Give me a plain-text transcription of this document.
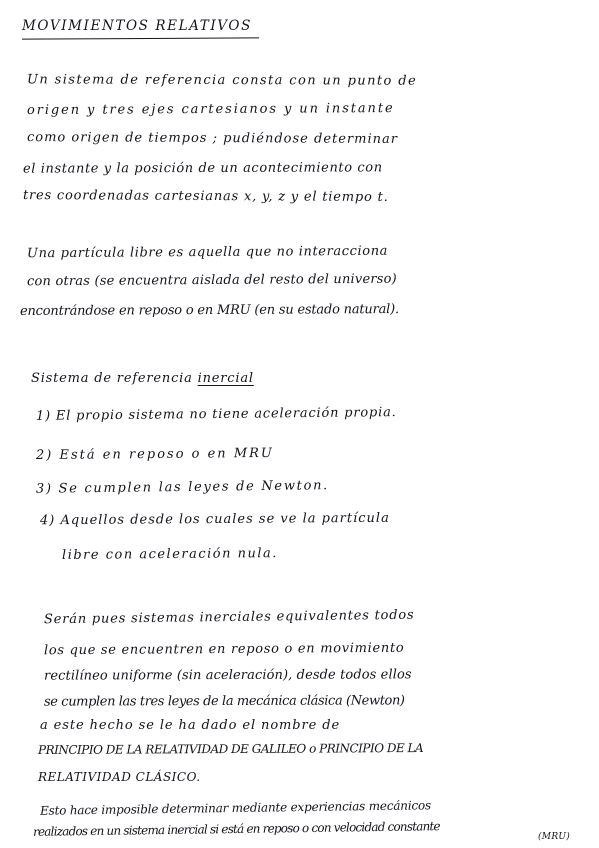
MOVIMIENTOS RELATIVOS
Un sistema de referencia consta con un punto de
origen y tres ejes cartesianos y un instante
como origen de tiempos ; pudiéndose determinar
el instante y la posición de un acontecimiento con
tres coordenadas cartesianas x, y, z y el tiempo t.
Una partícula libre es aquella que no interacciona
con otras (se encuentra aislada del resto del universo)
encontrándose en reposo o en MRU (en su estado natural).
Sistema de referencia inercial
1) El propio sistema no tiene aceleración propia.
2) Está en reposo o en MRU
3) Se cumplen las leyes de Newton.
4) Aquellos desde los cuales se ve la partícula
libre con aceleración nula.
Serán pues sistemas inerciales equivalentes todos
los que se encuentren en reposo o en movimiento
rectilíneo uniforme (sin aceleración), desde todos ellos
se cumplen las tres leyes de la mecánica clásica (Newton)
a este hecho se le ha dado el nombre de
PRINCIPIO DE LA RELATIVIDAD DE GALILEO o PRINCIPIO DE LA
RELATIVIDAD CLÁSICO.
Esto hace imposible determinar mediante experiencias mecánicos
realizados en un sistema inercial si está en reposo o con velocidad constante	(MRU)
